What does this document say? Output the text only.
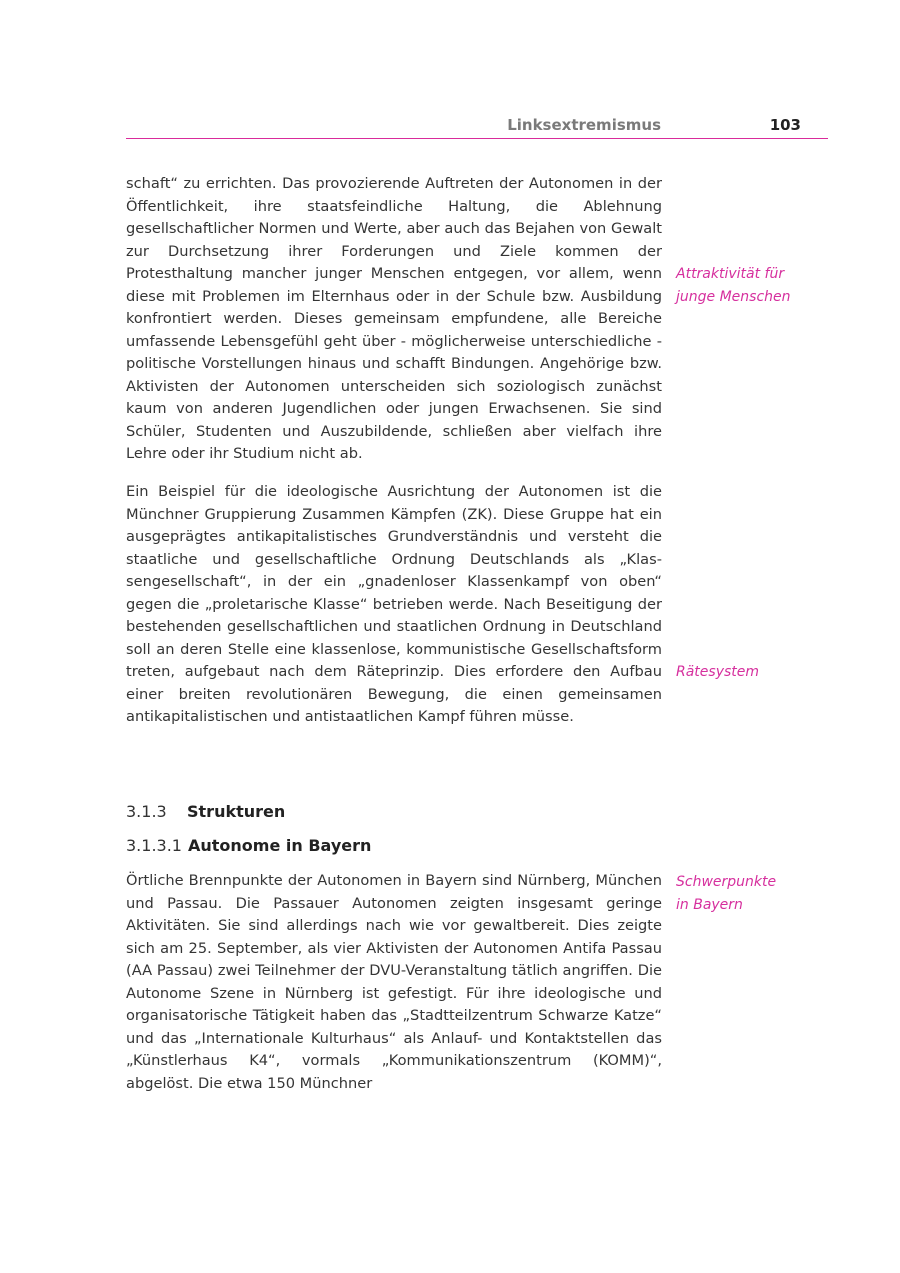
Linksextremismus	103

schaft“ zu errichten. Das provozierende Auftreten der Autonomen in der Öffentlichkeit, ihre staatsfeindliche Haltung, die Ablehnung gesellschaftlicher Normen und Werte, aber auch das Bejahen von Gewalt zur Durchsetzung ihrer Forderungen und Ziele kommen der Protesthaltung mancher junger Menschen entgegen, vor allem, wenn diese mit Problemen im Elternhaus oder in der Schule bzw. Ausbildung konfrontiert werden. Dieses gemeinsam empfundene, alle Bereiche umfassende Lebensgefühl geht über - möglicherweise unterschiedliche - politische Vorstellungen hinaus und schafft Bindungen. Angehörige bzw. Aktivisten der Autonomen unterscheiden sich soziologisch zunächst kaum von anderen Jugendlichen oder jungen Erwachsenen. Sie sind Schüler, Studenten und Auszubildende, schließen aber vielfach ihre Lehre oder ihr Studium nicht ab.

Attraktivität für
junge Menschen

Ein Beispiel für die ideologische Ausrichtung der Autonomen ist die Münchner Gruppierung Zusammen Kämpfen (ZK). Diese Gruppe hat ein ausgeprägtes antikapitalistisches Grundverständnis und versteht die staatliche und gesellschaftliche Ordnung Deutschlands als „Klassengesellschaft“, in der ein „gnadenloser Klassenkampf von oben“ gegen die „proletarische Klasse“ betrieben werde. Nach Beseitigung der bestehenden gesellschaftlichen und staatlichen Ordnung in Deutschland soll an deren Stelle eine klassenlose, kommunistische Gesellschaftsform treten, aufgebaut nach dem Räteprinzip. Dies erfordere den Aufbau einer breiten revolutionären Bewegung, die einen gemeinsamen antikapitalistischen und antistaatlichen Kampf führen müsse.

Rätesystem
3.1.3 Strukturen
3.1.3.1 Autonome in Bayern

Örtliche Brennpunkte der Autonomen in Bayern sind Nürnberg, München und Passau. Die Passauer Autonomen zeigten insgesamt geringe Aktivitäten. Sie sind allerdings nach wie vor gewaltbereit. Dies zeigte sich am 25. September, als vier Aktivisten der Autonomen Antifa Passau (AA Passau) zwei Teilnehmer der DVU-Veranstaltung tätlich angriffen. Die Autonome Szene in Nürnberg ist gefestigt. Für ihre ideologische und organisatorische Tätigkeit haben das „Stadtteilzentrum Schwarze Katze“ und das „Internationale Kulturhaus“ als Anlauf- und Kontaktstellen das „Künstlerhaus K4“, vormals „Kommunikationszentrum (KOMM)“, abgelöst. Die etwa 150 Münchner

Schwerpunkte
in Bayern
